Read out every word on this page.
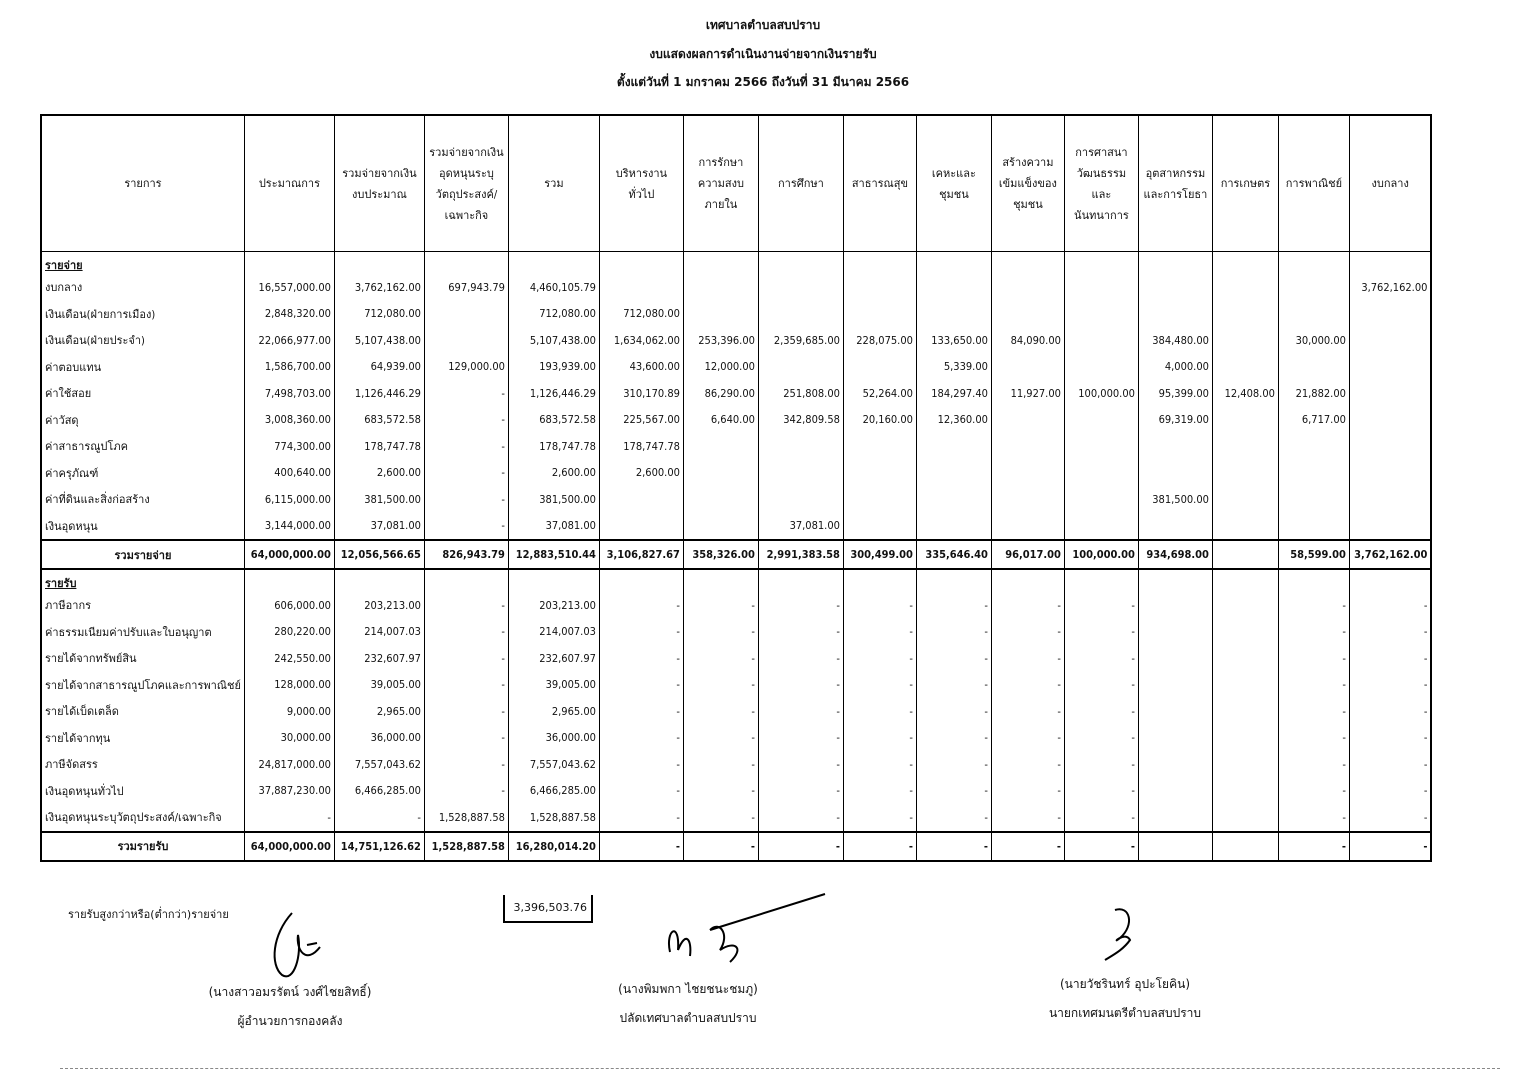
เทศบาลตำบลสบปราบ
งบแสดงผลการดำเนินงานจ่ายจากเงินรายรับ
ตั้งแต่วันที่ 1 มกราคม 2566 ถึงวันที่ 31 มีนาคม 2566
รายการ	ประมาณการ	รวมจ่ายจากเงินงบประมาณ	รวมจ่ายจากเงินอุดหนุนระบุวัตถุประสงค์/เฉพาะกิจ	รวม	บริหารงานทั่วไป	การรักษาความสงบภายใน	การศึกษา	สาธารณสุข	เคหะและชุมชน	สร้างความเข้มแข็งของชุมชน	การศาสนาวัฒนธรรมและนันทนาการ	อุตสาหกรรมและการโยธา	การเกษตร	การพาณิชย์	งบกลาง
รายจ่าย															
งบกลาง	16,557,000.00	3,762,162.00	697,943.79	4,460,105.79											3,762,162.00
เงินเดือน(ฝ่ายการเมือง)	2,848,320.00	712,080.00		712,080.00	712,080.00										
เงินเดือน(ฝ่ายประจำ)	22,066,977.00	5,107,438.00		5,107,438.00	1,634,062.00	253,396.00	2,359,685.00	228,075.00	133,650.00	84,090.00		384,480.00		30,000.00	
ค่าตอบแทน	1,586,700.00	64,939.00	129,000.00	193,939.00	43,600.00	12,000.00			5,339.00			4,000.00			
ค่าใช้สอย	7,498,703.00	1,126,446.29	-	1,126,446.29	310,170.89	86,290.00	251,808.00	52,264.00	184,297.40	11,927.00	100,000.00	95,399.00	12,408.00	21,882.00	
ค่าวัสดุ	3,008,360.00	683,572.58	-	683,572.58	225,567.00	6,640.00	342,809.58	20,160.00	12,360.00			69,319.00		6,717.00	
ค่าสาธารณูปโภค	774,300.00	178,747.78	-	178,747.78	178,747.78										
ค่าครุภัณฑ์	400,640.00	2,600.00	-	2,600.00	2,600.00										
ค่าที่ดินและสิ่งก่อสร้าง	6,115,000.00	381,500.00	-	381,500.00								381,500.00			
เงินอุดหนุน	3,144,000.00	37,081.00	-	37,081.00			37,081.00								
รวมรายจ่าย	64,000,000.00	12,056,566.65	826,943.79	12,883,510.44	3,106,827.67	358,326.00	2,991,383.58	300,499.00	335,646.40	96,017.00	100,000.00	934,698.00		58,599.00	3,762,162.00
รายรับ															
ภาษีอากร	606,000.00	203,213.00	-	203,213.00	-	-	-	-	-	-	-			-	-
ค่าธรรมเนียมค่าปรับและใบอนุญาต	280,220.00	214,007.03	-	214,007.03	-	-	-	-	-	-	-			-	-
รายได้จากทรัพย์สิน	242,550.00	232,607.97	-	232,607.97	-	-	-	-	-	-	-			-	-
รายได้จากสาธารณูปโภคและการพาณิชย์	128,000.00	39,005.00	-	39,005.00	-	-	-	-	-	-	-			-	-
รายได้เบ็ดเตล็ด	9,000.00	2,965.00	-	2,965.00	-	-	-	-	-	-	-			-	-
รายได้จากทุน	30,000.00	36,000.00	-	36,000.00	-	-	-	-	-	-	-			-	-
ภาษีจัดสรร	24,817,000.00	7,557,043.62	-	7,557,043.62	-	-	-	-	-	-	-			-	-
เงินอุดหนุนทั่วไป	37,887,230.00	6,466,285.00	-	6,466,285.00	-	-	-	-	-	-	-			-	-
เงินอุดหนุนระบุวัตถุประสงค์/เฉพาะกิจ	-	-	1,528,887.58	1,528,887.58	-	-	-	-	-	-	-			-	-
รวมรายรับ	64,000,000.00	14,751,126.62	1,528,887.58	16,280,014.20	-	-	-	-	-	-	-			-	-
รายรับสูงกว่าหรือ(ต่ำกว่า)รายจ่าย
3,396,503.76
(นางสาวอมรรัตน์ วงศ์ไชยสิทธิ์)
ผู้อำนวยการกองคลัง
(นางพิมพกา ไชยชนะชมภู)
ปลัดเทศบาลตำบลสบปราบ
(นายวัชรินทร์ อุปะโยคิน)
นายกเทศมนตรีตำบลสบปราบ
